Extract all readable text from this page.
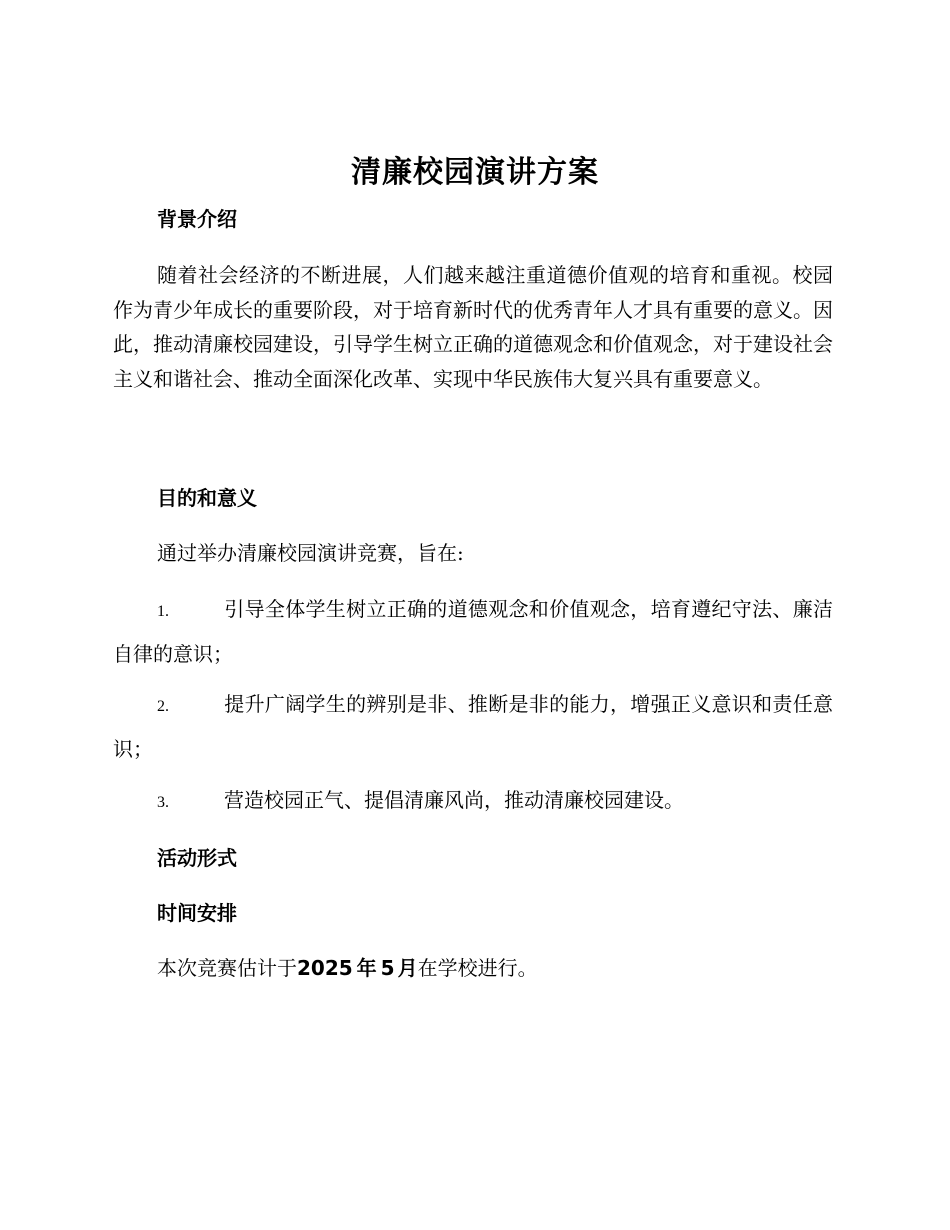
清廉校园演讲方案
背景介绍
随着社会经济的不断进展，人们越来越注重道德价值观的培育和重视。校园作为青少年成长的重要阶段，对于培育新时代的优秀青年人才具有重要的意义。因此，推动清廉校园建设，引导学生树立正确的道德观念和价值观念，对于建设社会主义和谐社会、推动全面深化改革、实现中华民族伟大复兴具有重要意义。
目的和意义
通过举办清廉校园演讲竞赛，旨在:
1.	引导全体学生树立正确的道德观念和价值观念，培育遵纪守法、廉洁自律的意识；
2.	提升广阔学生的辨别是非、推断是非的能力，增强正义意识和责任意识；
3.	营造校园正气、提倡清廉风尚，推动清廉校园建设。
活动形式
时间安排
本次竞赛估计于2025 年 5 月在学校进行。
